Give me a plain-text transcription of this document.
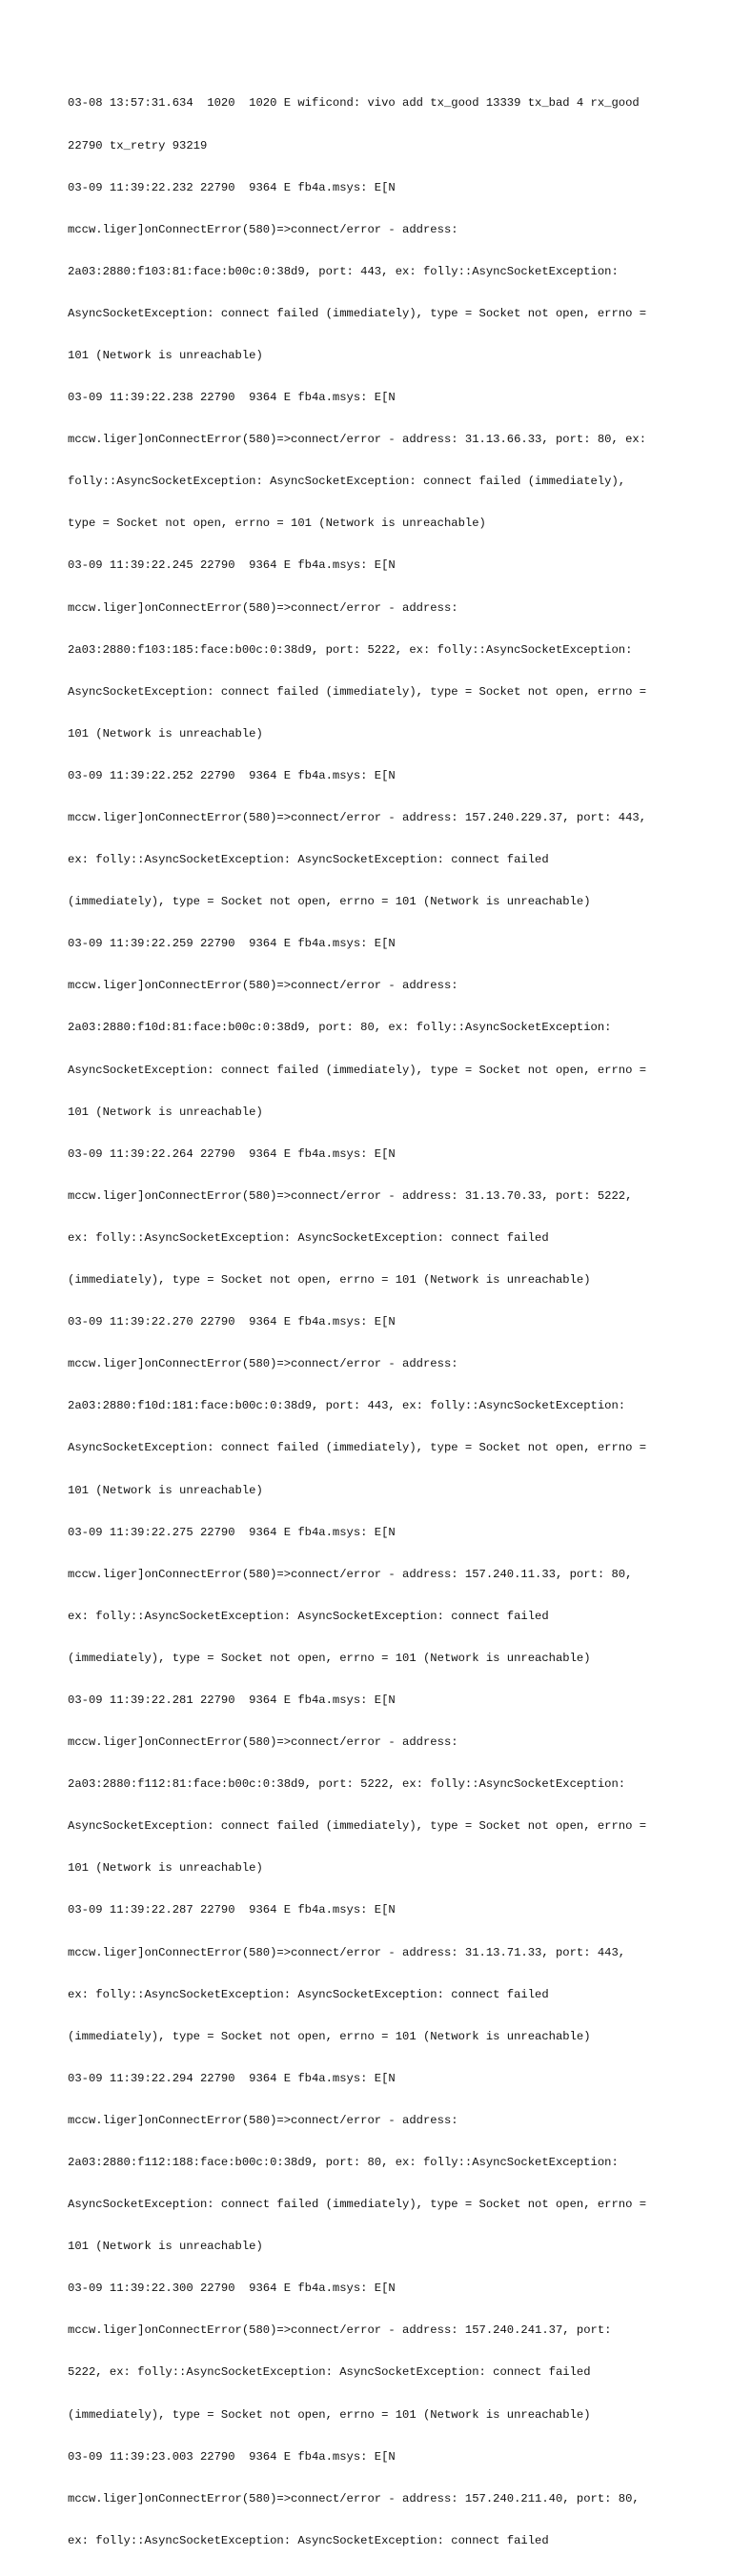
03-08 13:57:31.634  1020  1020 E wificond: vivo add tx_good 13339 tx_bad 4 rx_good

22790 tx_retry 93219

03-09 11:39:22.232 22790  9364 E fb4a.msys: E[N

mccw.liger]onConnectError(580)=>connect/error - address:

2a03:2880:f103:81:face:b00c:0:38d9, port: 443, ex: folly::AsyncSocketException:

AsyncSocketException: connect failed (immediately), type = Socket not open, errno =

101 (Network is unreachable)

03-09 11:39:22.238 22790  9364 E fb4a.msys: E[N

mccw.liger]onConnectError(580)=>connect/error - address: 31.13.66.33, port: 80, ex:

folly::AsyncSocketException: AsyncSocketException: connect failed (immediately),

type = Socket not open, errno = 101 (Network is unreachable)

03-09 11:39:22.245 22790  9364 E fb4a.msys: E[N

mccw.liger]onConnectError(580)=>connect/error - address:

2a03:2880:f103:185:face:b00c:0:38d9, port: 5222, ex: folly::AsyncSocketException:

AsyncSocketException: connect failed (immediately), type = Socket not open, errno =

101 (Network is unreachable)

03-09 11:39:22.252 22790  9364 E fb4a.msys: E[N

mccw.liger]onConnectError(580)=>connect/error - address: 157.240.229.37, port: 443,

ex: folly::AsyncSocketException: AsyncSocketException: connect failed

(immediately), type = Socket not open, errno = 101 (Network is unreachable)

03-09 11:39:22.259 22790  9364 E fb4a.msys: E[N

mccw.liger]onConnectError(580)=>connect/error - address:

2a03:2880:f10d:81:face:b00c:0:38d9, port: 80, ex: folly::AsyncSocketException:

AsyncSocketException: connect failed (immediately), type = Socket not open, errno =

101 (Network is unreachable)

03-09 11:39:22.264 22790  9364 E fb4a.msys: E[N

mccw.liger]onConnectError(580)=>connect/error - address: 31.13.70.33, port: 5222,

ex: folly::AsyncSocketException: AsyncSocketException: connect failed

(immediately), type = Socket not open, errno = 101 (Network is unreachable)

03-09 11:39:22.270 22790  9364 E fb4a.msys: E[N

mccw.liger]onConnectError(580)=>connect/error - address:

2a03:2880:f10d:181:face:b00c:0:38d9, port: 443, ex: folly::AsyncSocketException:

AsyncSocketException: connect failed (immediately), type = Socket not open, errno =

101 (Network is unreachable)

03-09 11:39:22.275 22790  9364 E fb4a.msys: E[N

mccw.liger]onConnectError(580)=>connect/error - address: 157.240.11.33, port: 80,

ex: folly::AsyncSocketException: AsyncSocketException: connect failed

(immediately), type = Socket not open, errno = 101 (Network is unreachable)

03-09 11:39:22.281 22790  9364 E fb4a.msys: E[N

mccw.liger]onConnectError(580)=>connect/error - address:

2a03:2880:f112:81:face:b00c:0:38d9, port: 5222, ex: folly::AsyncSocketException:

AsyncSocketException: connect failed (immediately), type = Socket not open, errno =

101 (Network is unreachable)

03-09 11:39:22.287 22790  9364 E fb4a.msys: E[N

mccw.liger]onConnectError(580)=>connect/error - address: 31.13.71.33, port: 443,

ex: folly::AsyncSocketException: AsyncSocketException: connect failed

(immediately), type = Socket not open, errno = 101 (Network is unreachable)

03-09 11:39:22.294 22790  9364 E fb4a.msys: E[N

mccw.liger]onConnectError(580)=>connect/error - address:

2a03:2880:f112:188:face:b00c:0:38d9, port: 80, ex: folly::AsyncSocketException:

AsyncSocketException: connect failed (immediately), type = Socket not open, errno =

101 (Network is unreachable)

03-09 11:39:22.300 22790  9364 E fb4a.msys: E[N

mccw.liger]onConnectError(580)=>connect/error - address: 157.240.241.37, port:

5222, ex: folly::AsyncSocketException: AsyncSocketException: connect failed

(immediately), type = Socket not open, errno = 101 (Network is unreachable)

03-09 11:39:23.003 22790  9364 E fb4a.msys: E[N

mccw.liger]onConnectError(580)=>connect/error - address: 157.240.211.40, port: 80,

ex: folly::AsyncSocketException: AsyncSocketException: connect failed
